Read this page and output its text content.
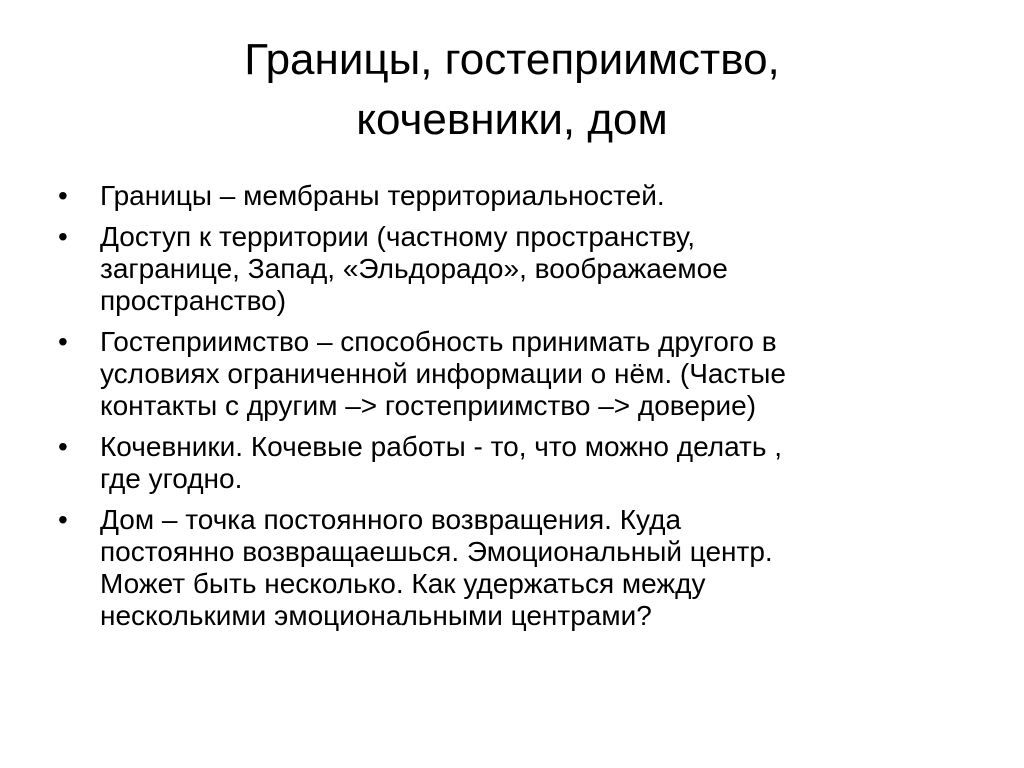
Границы, гостеприимство,
кочевники, дом
•	Границы – мембраны территориальностей.
•	Доступ к территории (частному пространству,
загранице, Запад, «Эльдорадо», воображаемое
пространство)
•	Гостеприимство – способность принимать другого в
условиях ограниченной информации о нём. (Частые
контакты с другим –> гостеприимство –> доверие)
•	Кочевники. Кочевые работы - то, что можно делать ,
где угодно.
•	Дом – точка постоянного возвращения. Куда
постоянно возвращаешься. Эмоциональный центр.
Может быть несколько. Как удержаться между
несколькими эмоциональными центрами?
